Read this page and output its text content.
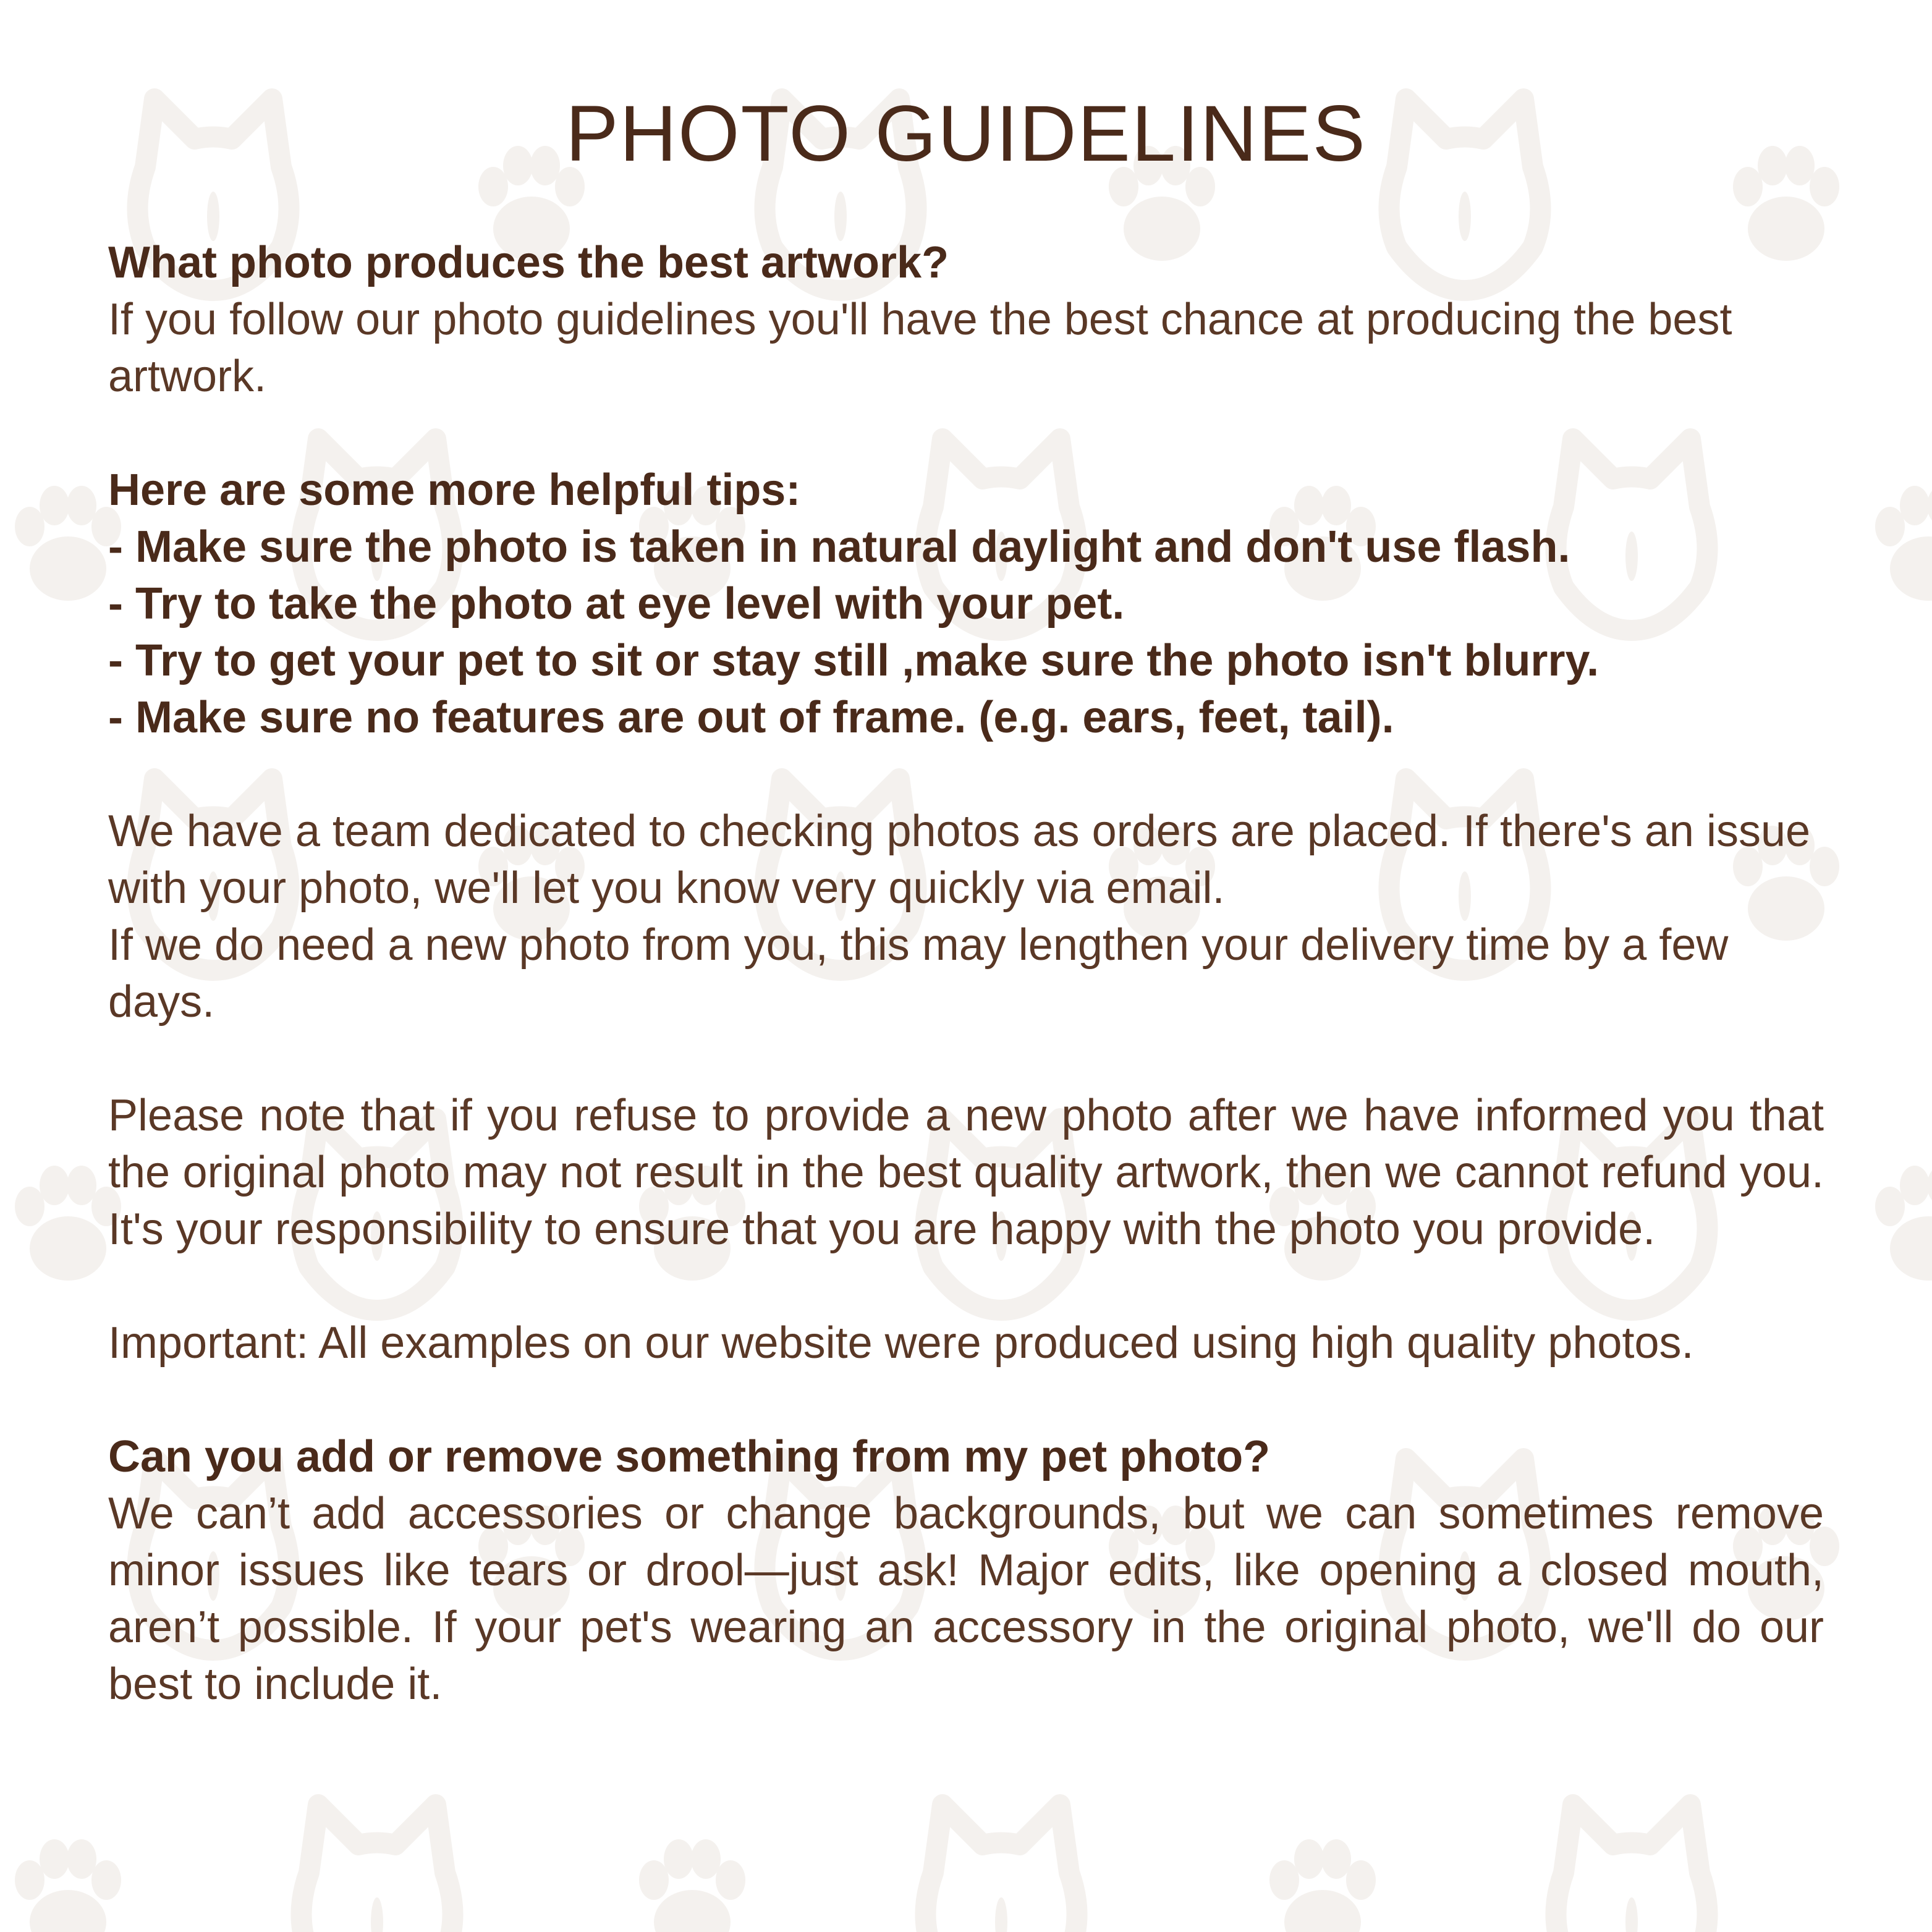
PHOTO GUIDELINES
What photo produces the best artwork?
If you follow our photo guidelines you'll have the best chance at producing the best artwork.
Here are some more helpful tips:
- Make sure the photo is taken in natural daylight and don't use flash.
- Try to take the photo at eye level with your pet.
- Try to get your pet to sit or stay still ,make sure the photo isn't blurry.
- Make sure no features are out of frame. (e.g. ears, feet, tail).
We have a team dedicated to checking photos as orders are placed. If there's an issue with your photo, we'll let you know very quickly via email.
If we do need a new photo from you, this may lengthen your delivery time by a few days.
Please note that if you refuse to provide a new photo after we have informed you that the original photo may not result in the best quality artwork, then we cannot refund you. It's your responsibility to ensure that you are happy with the photo you provide.
Important: All examples on our website were produced using high quality photos.
Can you add or remove something from my pet photo?
We can’t add accessories or change backgrounds, but we can sometimes remove minor issues like tears or drool—just ask! Major edits, like opening a closed mouth, aren’t possible. If your pet's wearing an accessory in the original photo, we'll do our best to include it.
